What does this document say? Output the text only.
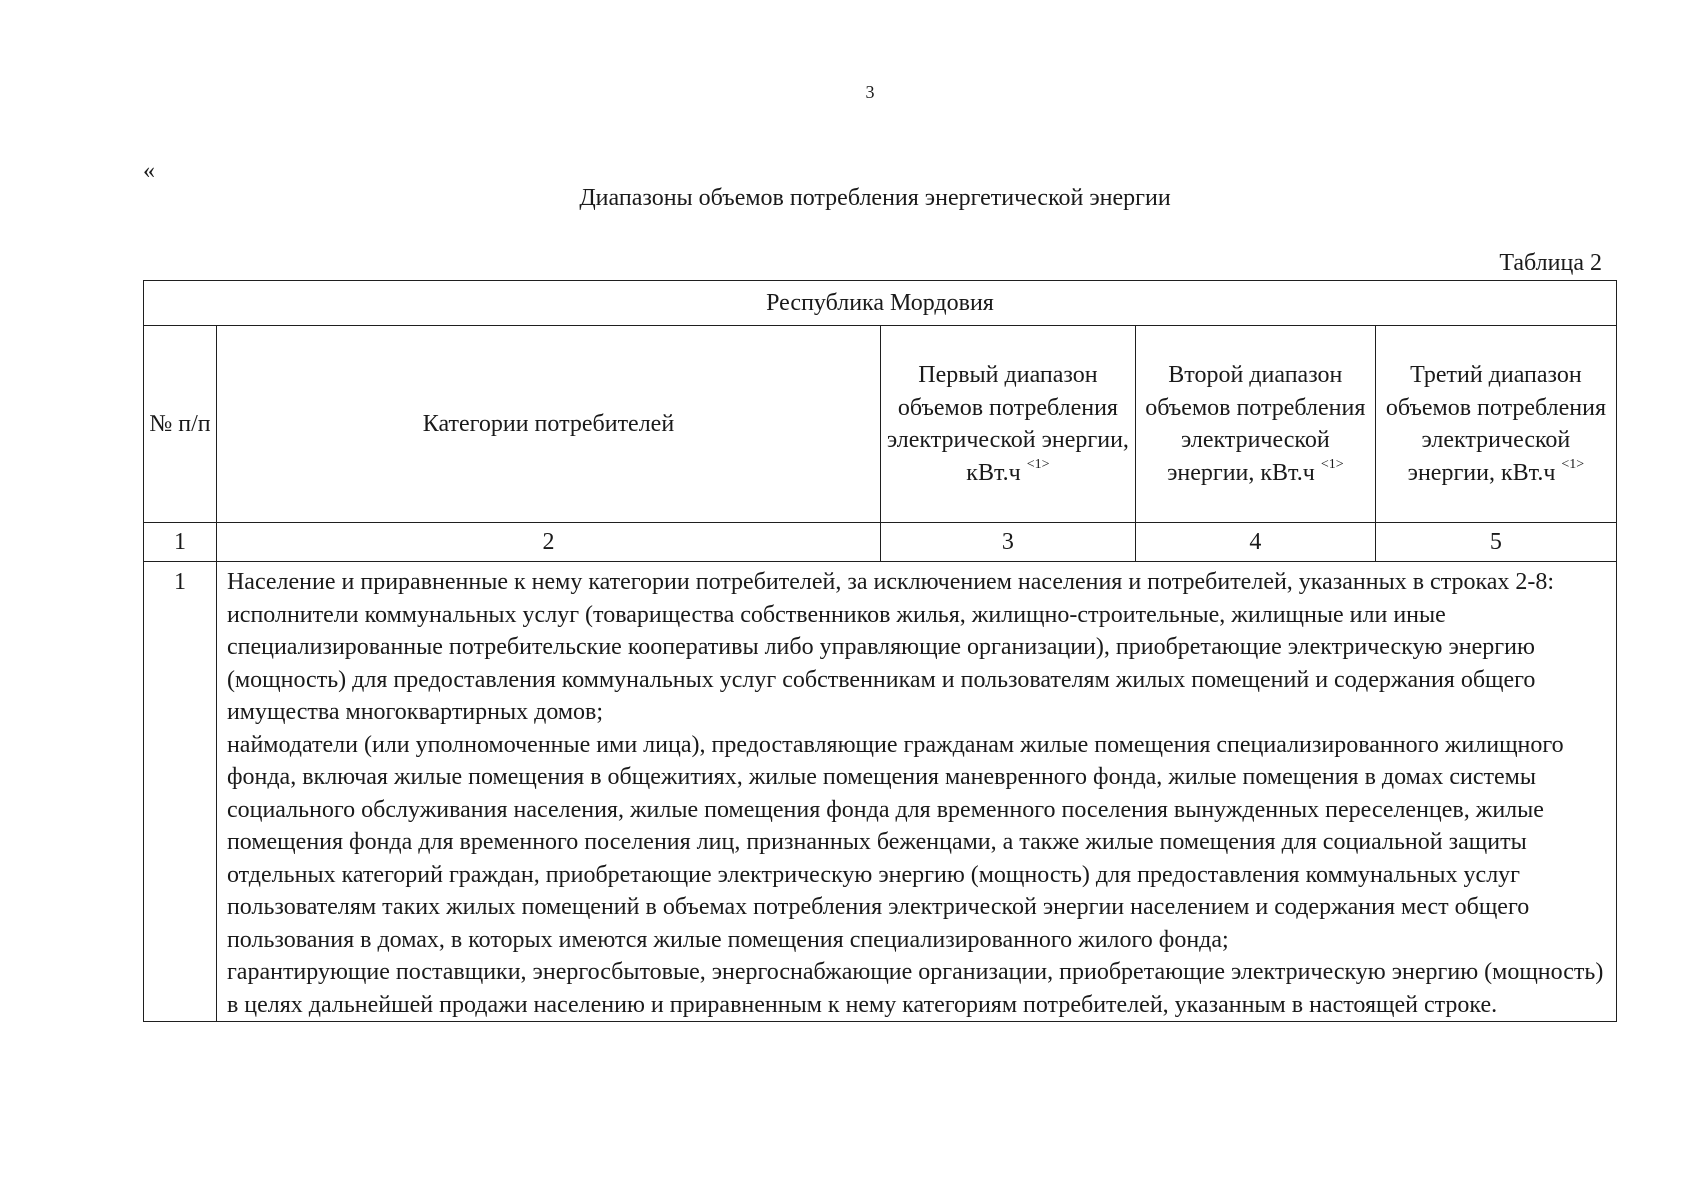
3
«
Диапазоны объемов потребления энергетической энергии
Таблица 2
Республика Мордовия				
№ п/п	Категории потребителей	Первый диапазон объемов потребления электрической энергии, кВт.ч $^{<1>}$	Второй диапазон объемов потребления электрической энергии, кВт.ч $^{<1>}$	Третий диапазон объемов потребления электрической энергии, кВт.ч $^{<1>}$
1	2	3	4	5
1	Население и приравненные к нему категории потребителей, за исключением населения и потребителей, указанных в строках 2-8:

исполнители коммунальных услуг (товарищества собственников жилья, жилищно-строительные, жилищные или иные специализированные потребительские кооперативы либо управляющие организации), приобретающие электрическую энергию (мощность) для предоставления коммунальных услуг собственникам и пользователям жилых помещений и содержания общего имущества многоквартирных домов;

наймодатели (или уполномоченные ими лица), предоставляющие гражданам жилые помещения специализированного жилищного фонда, включая жилые помещения в общежитиях, жилые помещения маневренного фонда, жилые помещения в домах системы социального обслуживания населения, жилые помещения фонда для временного поселения вынужденных переселенцев, жилые помещения фонда для временного поселения лиц, признанных беженцами, а также жилые помещения для социальной защиты отдельных категорий граждан, приобретающие электрическую энергию (мощность) для предоставления коммунальных услуг пользователям таких жилых помещений в объемах потребления электрической энергии населением и содержания мест общего пользования в домах, в которых имеются жилые помещения специализированного жилого фонда;

гарантирующие поставщики, энергосбытовые, энергоснабжающие организации, приобретающие электрическую энергию (мощность) в целях дальнейшей продажи населению и приравненным к нему категориям потребителей, указанным в настоящей строке.			
